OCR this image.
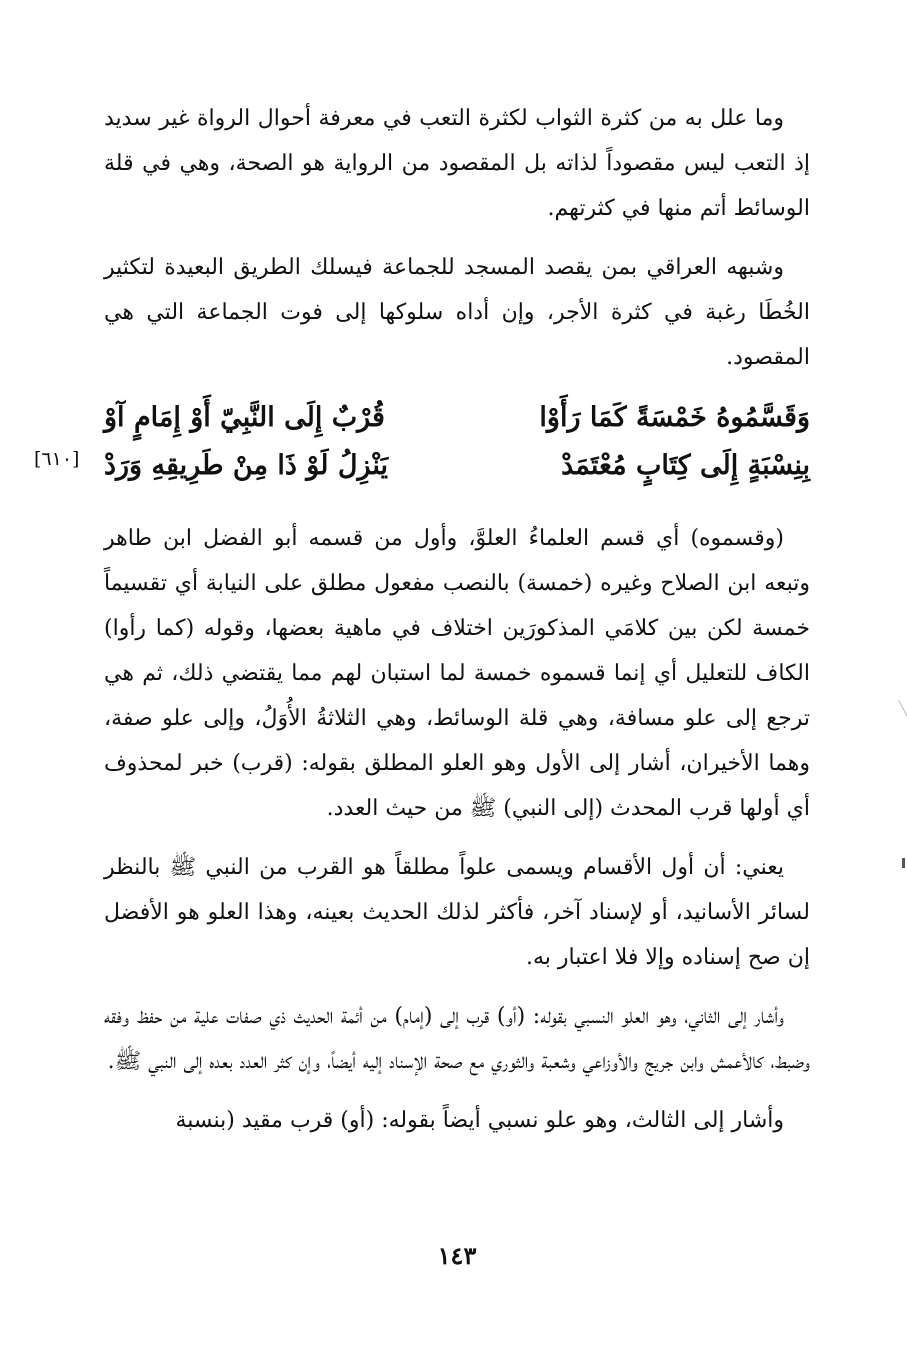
وما علل به من كثرة الثواب لكثرة التعب في معرفة أحوال الرواة غير سديد إذ التعب ليس مقصوداً لذاته بل المقصود من الرواية هو الصحة، وهي في قلة الوسائط أتم منها في كثرتهم.

وشبهه العراقي بمن يقصد المسجد للجماعة فيسلك الطريق البعيدة لتكثير الخُطَا رغبة في كثرة الأجر، وإن أداه سلوكها إلى فوت الجماعة التي هي المقصود.

وَقَسَّمُوهُ خَمْسَةً كَمَا رَأَوْا
قُرْبٌ إِلَى النَّبِيّ أَوْ إِمَامٍ آوْ
بِنِسْبَةٍ إِلَى كِتَابٍ مُعْتَمَدْ
يَنْزِلُ لَوْ ذَا مِنْ طَرِيقِهِ وَرَدْ
[٦١٠]

(وقسموه) أي قسم العلماءُ العلوَّ، وأول من قسمه أبو الفضل ابن طاهر وتبعه ابن الصلاح وغيره (خمسة) بالنصب مفعول مطلق على النيابة أي تقسيماً خمسة لكن بين كلامَي المذكورَين اختلاف في ماهية بعضها، وقوله (كما رأوا) الكاف للتعليل أي إنما قسموه خمسة لما استبان لهم مما يقتضي ذلك، ثم هي ترجع إلى علو مسافة، وهي قلة الوسائط، وهي الثلاثةُ الأُوَلُ، وإلى علو صفة، وهما الأخيران، أشار إلى الأول وهو العلو المطلق بقوله: (قرب) خبر لمحذوف أي أولها قرب المحدث (إلى النبي) ﷺ من حيث العدد.

يعني: أن أول الأقسام ويسمى علواً مطلقاً هو القرب من النبي ﷺ بالنظر لسائر الأسانيد، أو لإسناد آخر، فأكثر لذلك الحديث بعينه، وهذا العلو هو الأفضل إن صح إسناده وإلا فلا اعتبار به.

وأشار إلى الثاني، وهو العلو النسبي بقوله: (أو) قرب إلى (إمام) من أئمة الحديث ذي صفات علية من حفظ وفقه وضبط، كالأعمش وابن جريج والأوزاعي وشعبة والثوري مع صحة الإسناد إليه أيضاً، وإن كثر العدد بعده إلى النبي ﷺ.

وأشار إلى الثالث، وهو علو نسبي أيضاً بقوله: (أو) قرب مقيد (بنسبة

١٤٣
